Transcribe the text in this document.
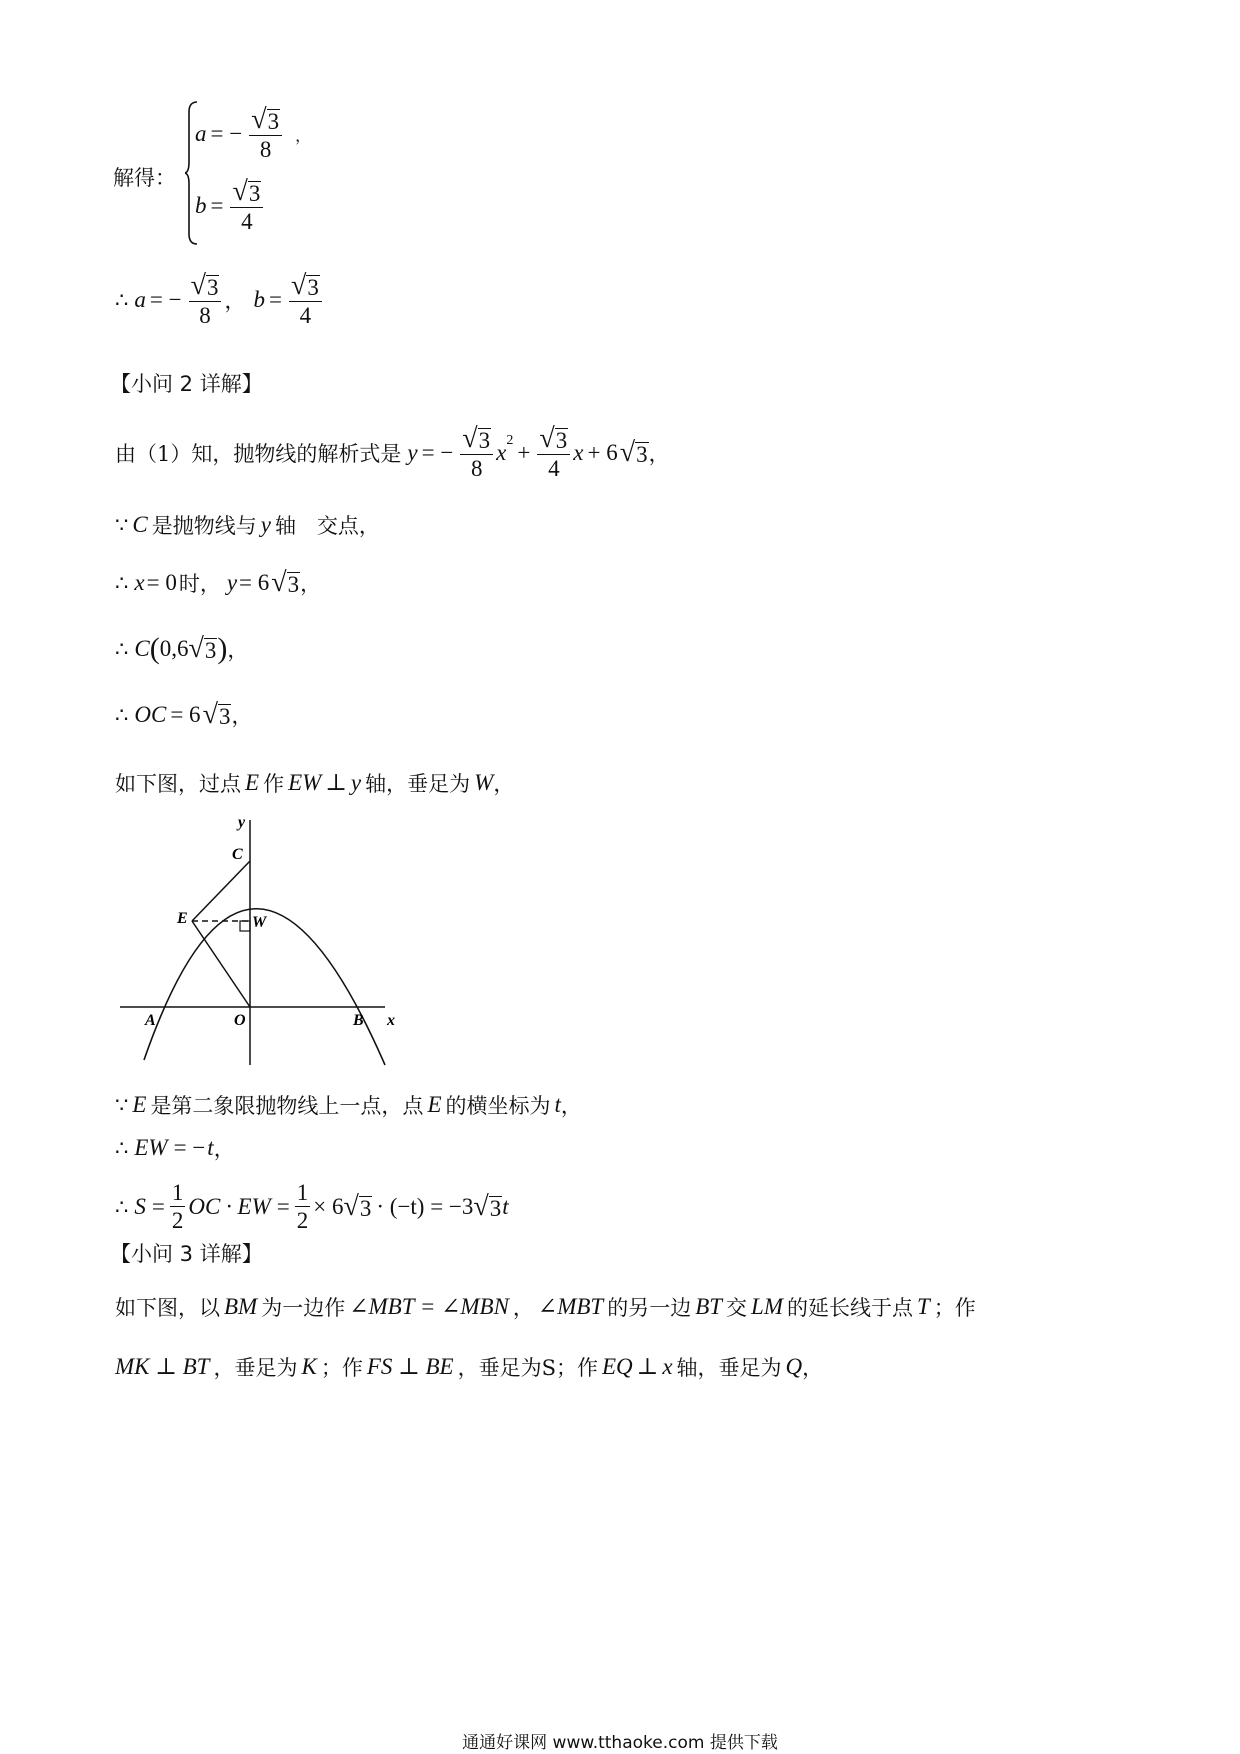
解得：
a = − $\frac{√ 3}{8}$ ，
$b = \frac{√ 3}{4}$
∴ a = − $\frac{√ 3}{8}$ ， $b = \frac{√ 3}{4}$
【小问 2 详解】
由（1）知，抛物线的解析式是 y = − $\frac{√ 3}{8} x^2 + \frac{√ 3}{4}$ x + 6 √ 3 ，
∵ C 是抛物线与 y 轴　交点，
∴ x = 0 时， y = 6 √ 3 ，
∴ C ( 0,6 √ 3 ) ，
∴ OC = 6 √ 3 ，
如下图，过点 E 作 EW ⊥ y 轴，垂足为 W ，
y
C
E	W
A	O	B x
∵ E 是第二象限抛物线上一点，点 E 的横坐标为 t ，
∴ EW = − t ，
∴ $S = \frac{1}{2}$ OC · EW = $\frac{1}{2} \times 6$ √ 3 · (−t) = −3 √ 3 t
【小问 3 详解】
如下图，以 BM 为一边作 ∠MBT = ∠MBN ， ∠MBT 的另一边 BT 交 LM 的延长线于点 T ；作
MK ⊥ BT ，垂足为 K ；作 FS ⊥ BE ，垂足为S；作 EQ ⊥ x 轴，垂足为 Q ，
通通好课网 www.tthaoke.com 提供下载
